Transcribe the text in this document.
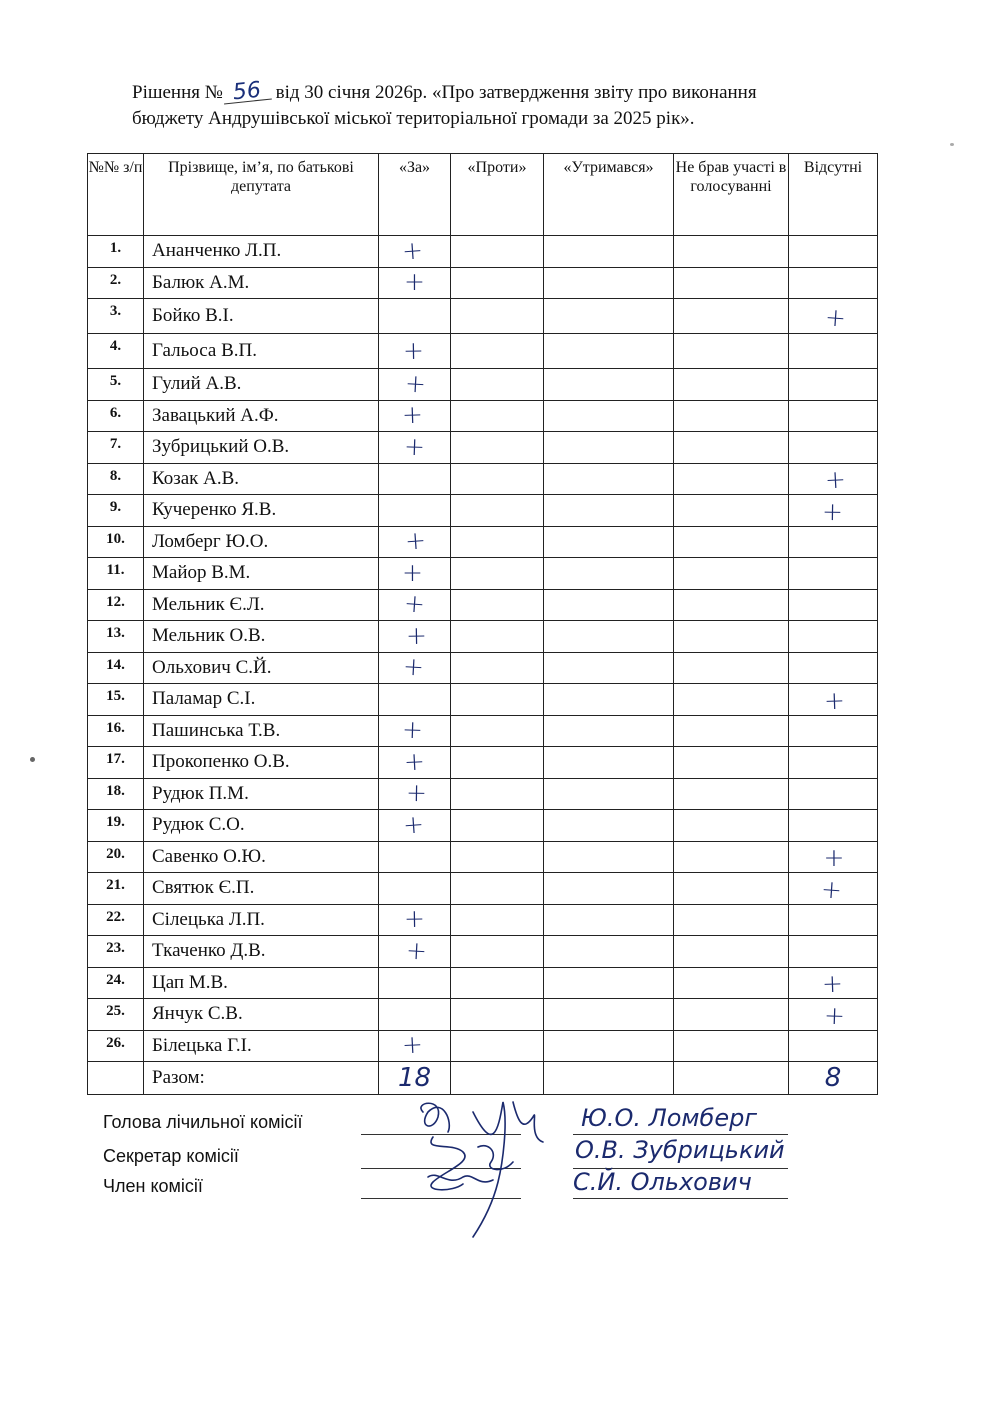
Рішення № 56 від 30 січня 2026р. «Про затвердження звіту про виконання
бюджету Андрушівської міської територіальної громади за 2025 рік».
№№ з/п	Прізвище, ім’я, по батькові депутата	«За»	«Проти»	«Утримався»	Не брав участі в голосуванні	Відсутні
1.	Ананченко Л.П.	+				
2.	Балюк А.М.	+				
3.	Бойко В.І.					+
4.	Гальоса В.П.	+				
5.	Гулий А.В.	+				
6.	Завацький А.Ф.	+				
7.	Зубрицький О.В.	+				
8.	Козак А.В.					+
9.	Кучеренко Я.В.					+
10.	Ломберг Ю.О.	+				
11.	Майор В.М.	+				
12.	Мельник Є.Л.	+				
13.	Мельник О.В.	+				
14.	Ольхович С.Й.	+				
15.	Паламар С.І.					+
16.	Пашинська Т.В.	+				
17.	Прокопенко О.В.	+				
18.	Рудюк П.М.	+				
19.	Рудюк С.О.	+				
20.	Савенко О.Ю.					+
21.	Святюк Є.П.					+
22.	Сілецька Л.П.	+				
23.	Ткаченко Д.В.	+				
24.	Цап М.В.					+
25.	Янчук С.В.					+
26.	Білецька Г.І.	+				
	Разом:	18				8
Голова лічильної комісії
Секретар комісії
Член комісії
Ю.О. Ломберг
О.В. Зубрицький
С.Й. Ольхович
